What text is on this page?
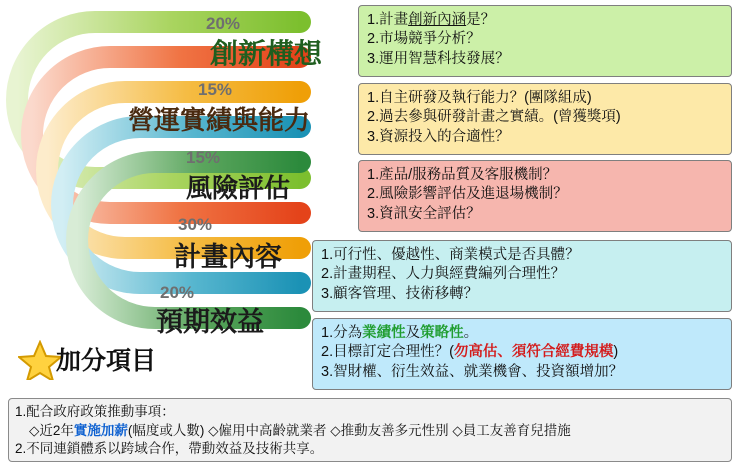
20%
15%
15%
30%
20%
創新構想
營運實績與能力
風險評估
計畫內容
預期效益
1.計畫創新內涵是？
2.市場競爭分析？
3.運用智慧科技發展？
1.自主研發及執行能力？(團隊組成)
2.過去參與研發計畫之實績。(曾獲獎項)
3.資源投入的合適性？
1.產品/服務品質及客服機制？
2.風險影響評估及進退場機制？
3.資訊安全評估？
1.可行性、優越性、商業模式是否具體？
2.計畫期程、人力與經費編列合理性？
3.顧客管理、技術移轉？
1.分為業績性及策略性。
2.目標訂定合理性？(勿高估、須符合經費規模)
3.智財權、衍生效益、就業機會、投資額增加？
加分項目
1.配合政府政策推動事項：
◇近2年實施加薪(幅度或人數) ◇僱用中高齡就業者 ◇推動友善多元性別 ◇員工友善育兒措施
2.不同連鎖體系以跨域合作，帶動效益及技術共享。
